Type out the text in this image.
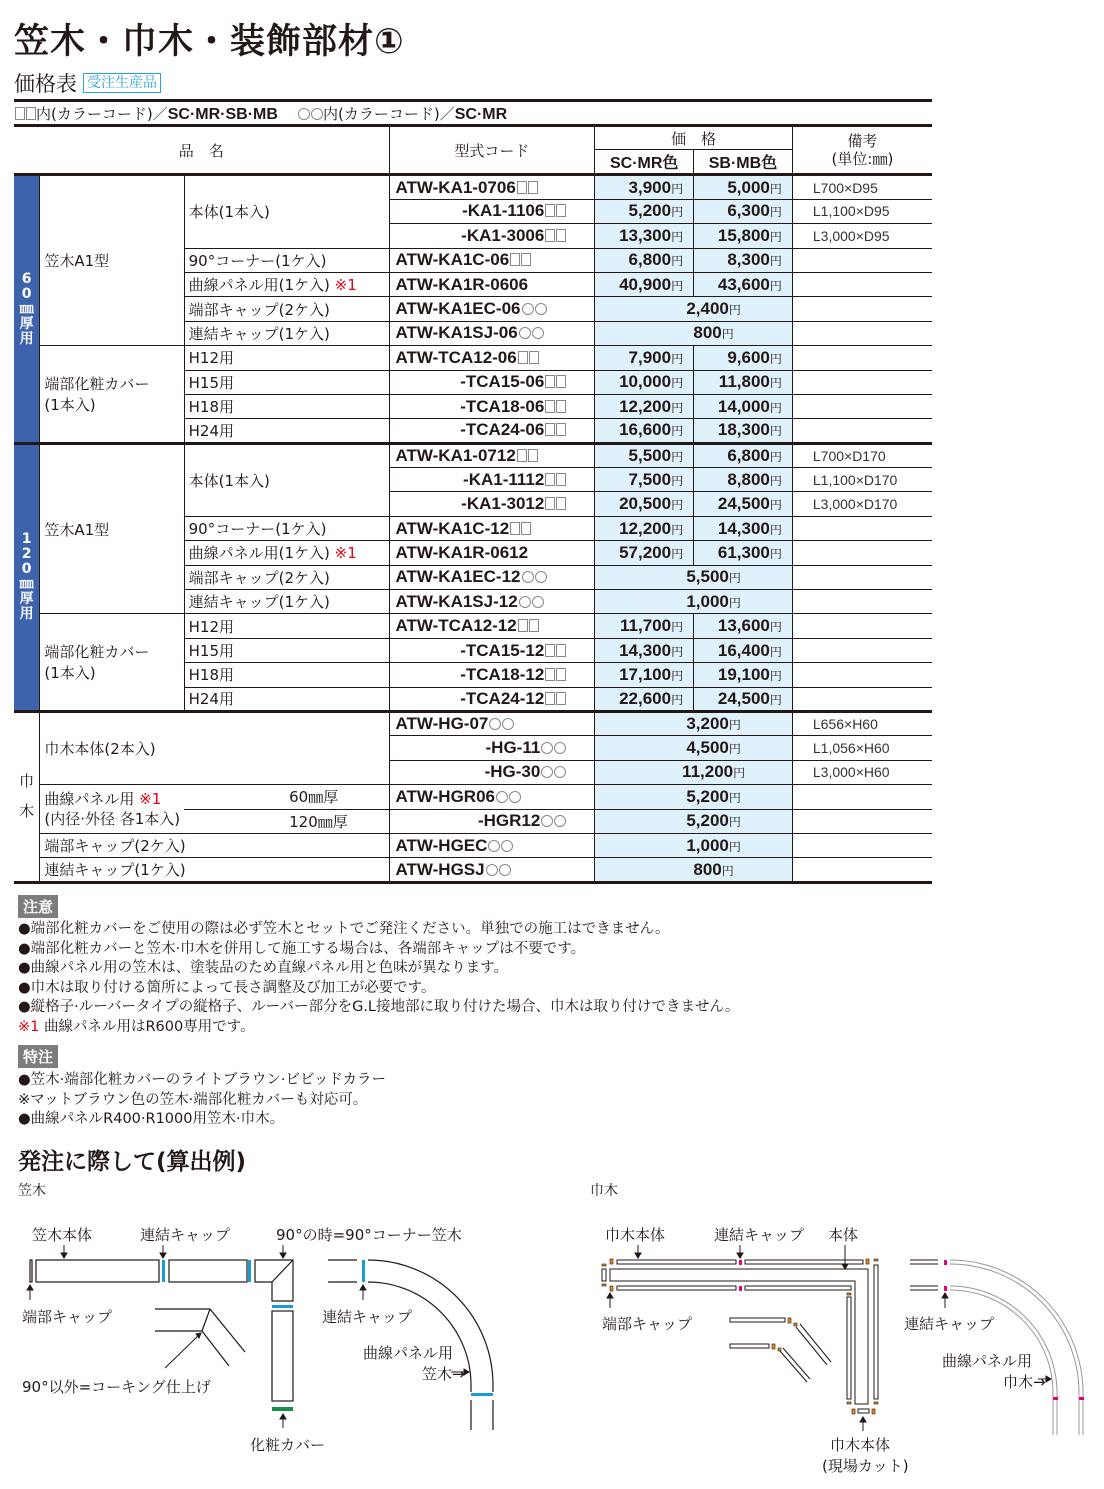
笠木・巾木・装飾部材①
価格表 受注生産品
内(カラーコード)／SC·MR·SB·MB	内(カラーコード)／SC·MR
品　名			型式コード	価　格		備考
(単位:㎜)
				SC·MR色	SB·MB色	
6
0
㎜
厚
用	笠木A1型	本体(1本入)	ATW-KA1-0706	3,900円	5,000円	L700×D95
			-KA1-1106	5,200円	6,300円	L1,100×D95
			-KA1-3006	13,300円	15,800円	L3,000×D95
		90°コーナー(1ケ入)	ATW-KA1C-06	6,800円	8,300円	
		曲線パネル用(1ケ入) ※1	ATW-KA1R-0606	40,900円	43,600円	
		端部キャップ(2ケ入)	ATW-KA1EC-06	2,400円		
		連結キャップ(1ケ入)	ATW-KA1SJ-06	800円		
	端部化粧カバー
(1本入)	H12用	ATW-TCA12-06	7,900円	9,600円	
		H15用	-TCA15-06	10,000円	11,800円	
		H18用	-TCA18-06	12,200円	14,000円	
		H24用	-TCA24-06	16,600円	18,300円	
1
2
0
㎜
厚
用	笠木A1型	本体(1本入)	ATW-KA1-0712	5,500円	6,800円	L700×D170
			-KA1-1112	7,500円	8,800円	L1,100×D170
			-KA1-3012	20,500円	24,500円	L3,000×D170
		90°コーナー(1ケ入)	ATW-KA1C-12	12,200円	14,300円	
		曲線パネル用(1ケ入) ※1	ATW-KA1R-0612	57,200円	61,300円	
		端部キャップ(2ケ入)	ATW-KA1EC-12	5,500円		
		連結キャップ(1ケ入)	ATW-KA1SJ-12	1,000円		
	端部化粧カバー
(1本入)	H12用	ATW-TCA12-12	11,700円	13,600円	
		H15用	-TCA15-12	14,300円	16,400円	
		H18用	-TCA18-12	17,100円	19,100円	
		H24用	-TCA24-12	22,600円	24,500円	
巾

木	巾木本体(2本入)		ATW-HG-07	3,200円		L656×H60
			-HG-11	4,500円		L1,056×H60
			-HG-30	11,200円		L3,000×H60
	曲線パネル用 ※1
(内径·外径 各1本入)	60㎜厚	ATW-HGR06	5,200円		
		120㎜厚	-HGR12	5,200円		
	端部キャップ(2ケ入)		ATW-HGEC	1,000円		
	連結キャップ(1ケ入)		ATW-HGSJ	800円		
注意
●端部化粧カバーをご使用の際は必ず笠木とセットでご発注ください。単独での施工はできません。
●端部化粧カバーと笠木·巾木を併用して施工する場合は、各端部キャップは不要です。
●曲線パネル用の笠木は、塗装品のため直線パネル用と色味が異なります。
●巾木は取り付ける箇所によって長さ調整及び加工が必要です。
●縦格子·ルーバータイプの縦格子、ルーバー部分をG.L接地部に取り付けた場合、巾木は取り付けできません。
※1 曲線パネル用はR600専用です。
特注
●笠木·端部化粧カバーのライトブラウン·ビビッドカラー
※マットブラウン色の笠木·端部化粧カバーも対応可。
●曲線パネルR400·R1000用笠木·巾木。
発注に際して(算出例)
笠木	巾木
笠木本体	連結キャップ	90°の時=90°コーナー笠木
端部キャップ	連結キャップ
曲線パネル用
笠木→
90°以外=コーキング仕上げ
化粧カバー
巾木本体	連結キャップ 本体
端部キャップ	連結キャップ
曲線パネル用
巾木→
巾木本体
(現場カット)
